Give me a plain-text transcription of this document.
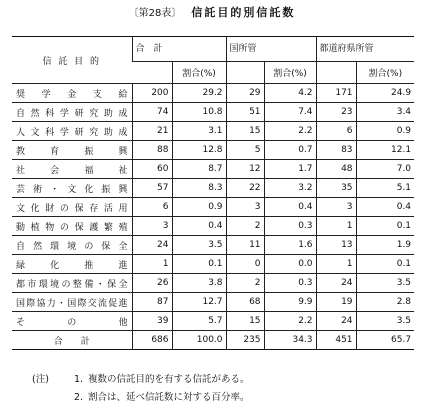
〔第28表〕 信託目的別信託数
信 託 目 的	合　計		国所管		都道府県所管	
		割合(%)		割合(%)		割合(%)
奨学金支給	200	29.2	29	4.2	171	24.9
自然科学研究助成	74	10.8	51	7.4	23	3.4
人文科学研究助成	21	3.1	15	2.2	6	0.9
教育振興	88	12.8	5	0.7	83	12.1
社会福祉	60	8.7	12	1.7	48	7.0
芸術・文化振興	57	8.3	22	3.2	35	5.1
文化財の保存活用	6	0.9	3	0.4	3	0.4
動植物の保護繁殖	3	0.4	2	0.3	1	0.1
自然環境の保全	24	3.5	11	1.6	13	1.9
緑化推進	1	0.1	0	0.0	1	0.1
都市環境の整備・保全	26	3.8	2	0.3	24	3.5
国際協力・国際交流促進	87	12.7	68	9.9	19	2.8
その他	39	5.7	15	2.2	24	3.5
合　　計	686	100.0	235	34.3	451	65.7
(注)	1. 複数の信託目的を有する信託がある。
2. 割合は、延べ信託数に対する百分率。
